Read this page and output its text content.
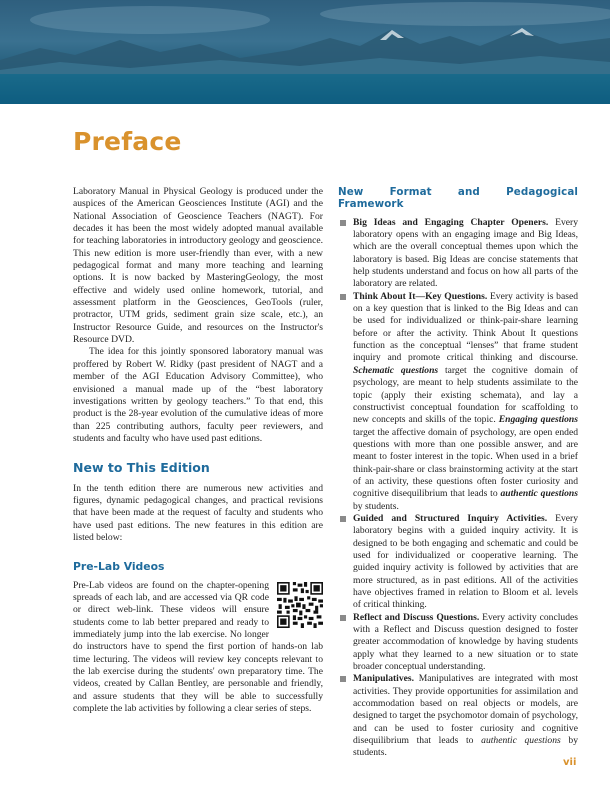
Preface

Laboratory Manual in Physical Geology is produced under the auspices of the American Geosciences Institute (AGI) and the National Association of Geoscience Teachers (NAGT). For decades it has been the most widely adopted manual available for teaching laboratories in introductory geology and geoscience. This new edition is more user-friendly than ever, with a new pedagogical format and many more teaching and learning options. It is now backed by MasteringGeology, the most effective and widely used online homework, tutorial, and assessment platform in the Geosciences, GeoTools (ruler, protractor, UTM grids, sediment grain size scale, etc.), an Instructor Resource Guide, and resources on the Instructor's Resource DVD.

The idea for this jointly sponsored laboratory manual was proffered by Robert W. Ridky (past president of NAGT and a member of the AGI Education Advisory Committee), who envisioned a manual made up of the “best laboratory investigations written by geology teachers.” To that end, this product is the 28-year evolution of the cumulative ideas of more than 225 contributing authors, faculty peer reviewers, and students and faculty who have used past editions.

New to This Edition

In the tenth edition there are numerous new activities and figures, dynamic pedagogical changes, and practical revisions that have been made at the request of faculty and students who have used past editions. The new features in this edition are listed below:

Pre-Lab Videos

Pre-Lab videos are found on the chapter-opening spreads of each lab, and are accessed via QR code or direct web-link. These videos will ensure students come to lab better prepared and ready to immediately jump into the lab exercise. No longer do instructors have to spend the first portion of hands-on lab time lecturing. The videos will review key concepts relevant to the lab exercise during the students' own preparatory time. The videos, created by Callan Bentley, are personable and friendly, and assure students that they will be able to successfully complete the lab activities by following a clear series of steps.

New Format and Pedagogical Framework
Big Ideas and Engaging Chapter Openers. Every laboratory opens with an engaging image and Big Ideas, which are the overall conceptual themes upon which the laboratory is based. Big Ideas are concise statements that help students understand and focus on how all parts of the laboratory are related.
Think About It—Key Questions. Every activity is based on a key question that is linked to the Big Ideas and can be used for individualized or think-pair-share learning before or after the activity. Think About It questions function as the conceptual “lenses” that frame student inquiry and promote critical thinking and discourse. Schematic questions target the cognitive domain of psychology, are meant to help students assimilate to the topic (apply their existing schemata), and lay a constructivist conceptual foundation for scaffolding to new concepts and skills of the topic. Engaging questions target the affective domain of psychology, are open ended questions with more than one possible answer, and are meant to foster interest in the topic. When used in a brief think-pair-share or class brainstorming activity at the start of an activity, these questions often foster curiosity and cognitive disequilibrium that leads to authentic questions by students.
Guided and Structured Inquiry Activities. Every laboratory begins with a guided inquiry activity. It is designed to be both engaging and schematic and could be used for individualized or cooperative learning. The guided inquiry activity is followed by activities that are more structured, as in past editions. All of the activities have objectives framed in relation to Bloom et al. levels of critical thinking.
Reflect and Discuss Questions. Every activity concludes with a Reflect and Discuss question designed to foster greater accommodation of knowledge by having students apply what they learned to a new situation or to state broader conceptual understanding.
Manipulatives. Manipulatives are integrated with most activities. They provide opportunities for assimilation and accommodation based on real objects or models, are designed to target the psychomotor domain of psychology, and can be used to foster curiosity and cognitive disequilibrium that leads to authentic questions by students.
vii
